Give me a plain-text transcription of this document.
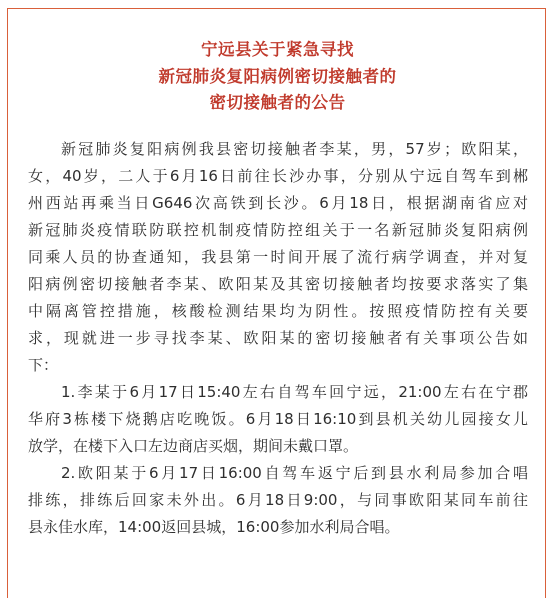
宁远县关于紧急寻找
新冠肺炎复阳病例密切接触者的
密切接触者的公告
新冠肺炎复阳病例我县密切接触者李某，男，57岁；欧阳某，
女，40岁，二人于6月16日前往长沙办事，分别从宁远自驾车到郴
州西站再乘当日G646次高铁到长沙。6月18日，根据湖南省应对
新冠肺炎疫情联防联控机制疫情防控组关于一名新冠肺炎复阳病例
同乘人员的协查通知，我县第一时间开展了流行病学调查，并对复
阳病例密切接触者李某、欧阳某及其密切接触者均按要求落实了集
中隔离管控措施，核酸检测结果均为阴性。按照疫情防控有关要
求，现就进一步寻找李某、欧阳某的密切接触者有关事项公告如
下：
1.李某于6月17日15:40左右自驾车回宁远，21:00左右在宁郡
华府3栋楼下烧鹅店吃晚饭。6月18日16:10到县机关幼儿园接女儿
放学，在楼下入口左边商店买烟，期间未戴口罩。
2.欧阳某于6月17日16:00自驾车返宁后到县水利局参加合唱
排练，排练后回家未外出。6月18日9:00，与同事欧阳某同车前往
县永佳水库，14:00返回县城，16:00参加水利局合唱。
